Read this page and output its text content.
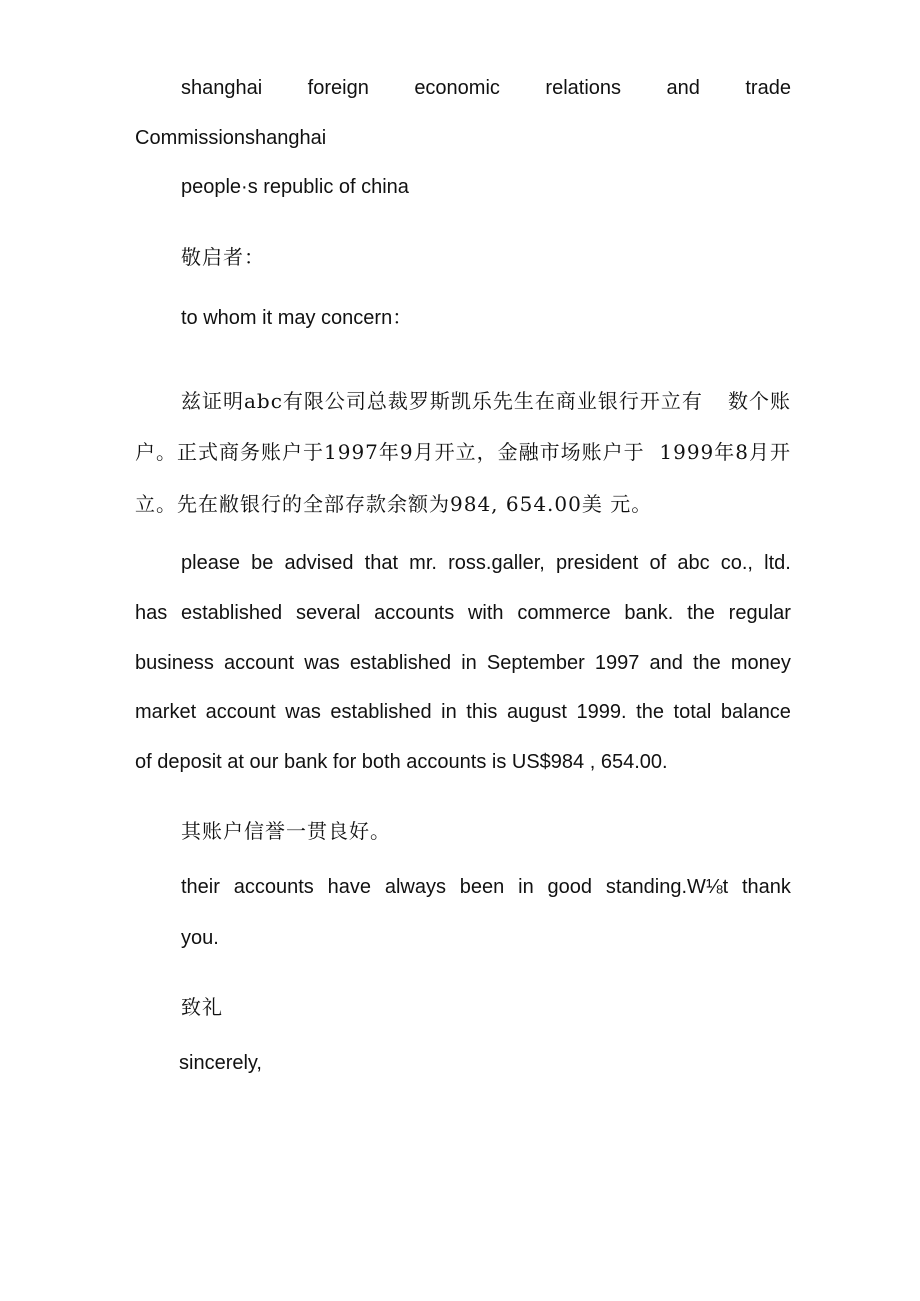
shanghai foreign economic relations and trade
Commissionshanghai
people·s republic of china
敬启者：
to whom it may concern：
兹证明abc有限公司总裁罗斯凯乐先生在商业银行开立有 数个账
户。正式商务账户于1997年9月开立，金融市场账户于 1999年8月开
立。先在敝银行的全部存款余额为984, 654.00美 元。
please be advised that mr. ross.galler, president of abc co., ltd.
has established several accounts with commerce bank. the regular
business account was established in September 1997 and the money
market account was established in this august 1999. the total balance
of deposit at our bank for both accounts is US$984 , 654.00.
其账户信誉一贯良好。
their accounts have always been in good standing.W⅛t thank
you.
致礼
sincerely,
